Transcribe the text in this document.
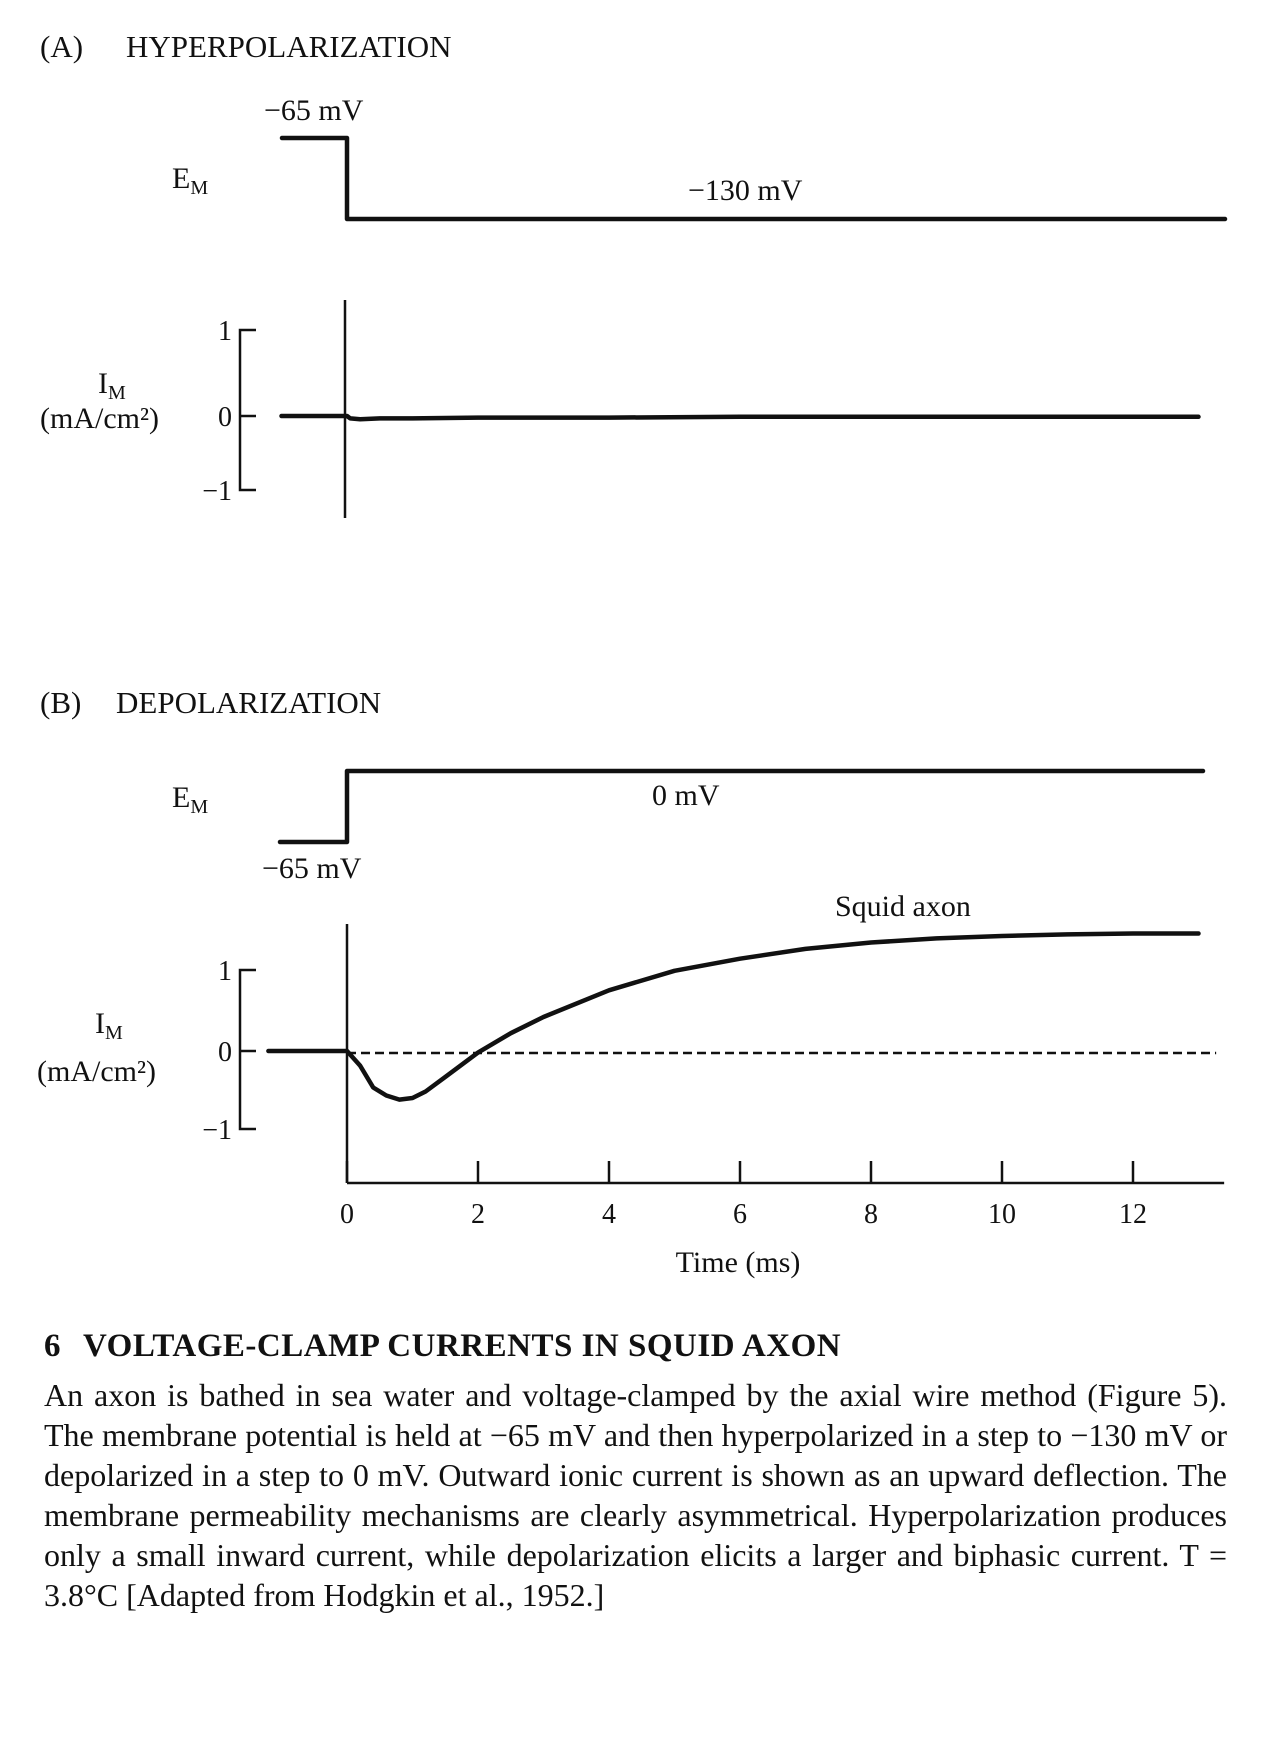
(A) HYPERPOLARIZATION
$E_M$
−65 mV
−130 mV
$I_M$
(mA/cm²)
1
0
−1
(B) DEPOLARIZATION
$E_M$	0 mV
−65 mV
Squid axon
$I_M$
(mA/cm²)
1
0
−1
0	2	4	6	8	10	12
Time (ms)

6 VOLTAGE-CLAMP CURRENTS IN SQUID AXON

An axon is bathed in sea water and voltage-clamped by the axial wire method (Figure 5). The membrane potential is held at −65 mV and then hyperpolarized in a step to −130 mV or depolarized in a step to 0 mV. Outward ionic current is shown as an upward deflection. The membrane permeability mechanisms are clearly asymmetrical. Hyperpolarization produces only a small inward current, while depolarization elicits a larger and biphasic current. T = 3.8°C [Adapted from Hodgkin et al., 1952.]
